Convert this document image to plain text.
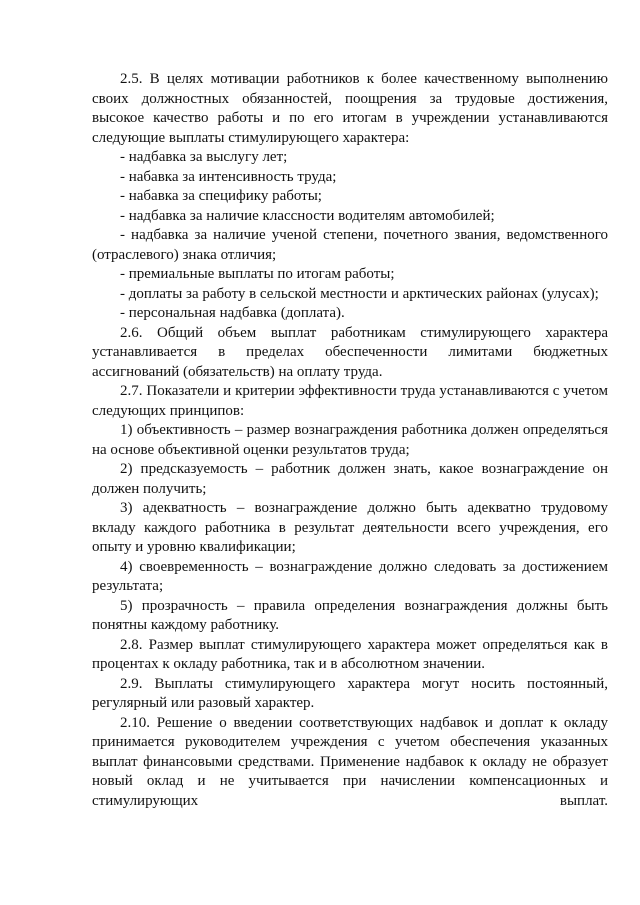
2.5. В целях мотивации работников к более качественному выполнению своих должностных обязанностей, поощрения за трудовые достижения, высокое качество работы и по его итогам в учреждении устанавливаются следующие выплаты стимулирующего характера:

- надбавка за выслугу лет;

- набавка за интенсивность труда;

- набавка за специфику работы;

- надбавка за наличие классности водителям автомобилей;

- надбавка за наличие ученой степени, почетного звания, ведомственного (отраслевого) знака отличия;

- премиальные выплаты по итогам работы;

- доплаты за работу в сельской местности и арктических районах (улусах);

- персональная надбавка (доплата).

2.6. Общий объем выплат работникам стимулирующего характера устанавливается в пределах обеспеченности лимитами бюджетных ассигнований (обязательств) на оплату труда.

2.7. Показатели и критерии эффективности труда устанавливаются с учетом следующих принципов:

1) объективность – размер вознаграждения работника должен определяться на основе объективной оценки результатов труда;

2) предсказуемость – работник должен знать, какое вознаграждение он должен получить;

3) адекватность – вознаграждение должно быть адекватно трудовому вкладу каждого работника в результат деятельности всего учреждения, его опыту и уровню квалификации;

4) своевременность – вознаграждение должно следовать за достижением результата;

5) прозрачность – правила определения вознаграждения должны быть понятны каждому работнику.

2.8. Размер выплат стимулирующего характера может определяться как в процентах к окладу работника, так и в абсолютном значении.

2.9. Выплаты стимулирующего характера могут носить постоянный, регулярный или разовый характер.

2.10. Решение о введении соответствующих надбавок и доплат к окладу принимается руководителем учреждения с учетом обеспечения указанных выплат финансовыми средствами. Применение надбавок к окладу не образует новый оклад и не учитывается при начислении компенсационных и стимулирующих выплат.
